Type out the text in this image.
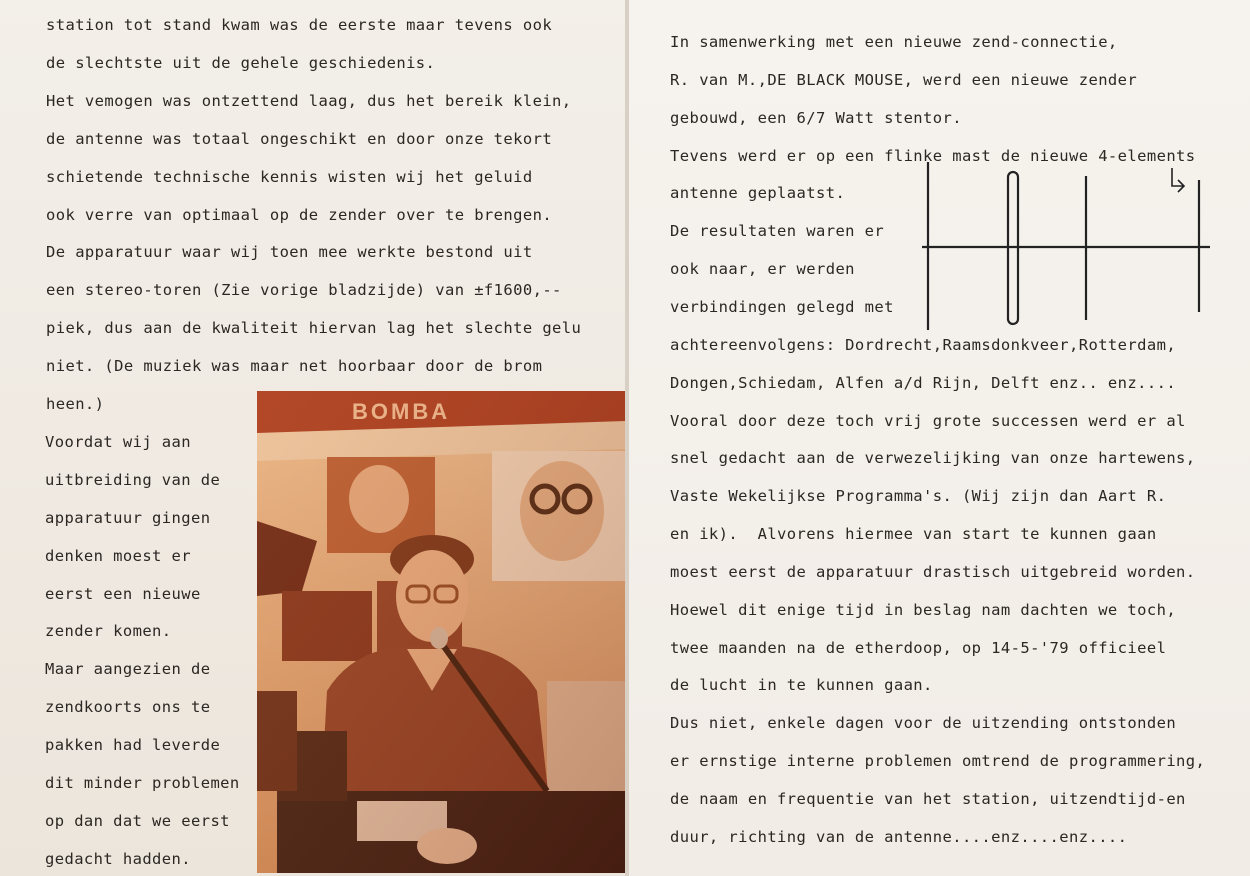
station tot stand kwam was de eerste maar tevens ook
de slechtste uit de gehele geschiedenis.
Het vemogen was ontzettend laag, dus het bereik klein,
de antenne was totaal ongeschikt en door onze tekort
schietende technische kennis wisten wij het geluid
ook verre van optimaal op de zender over te brengen.
De apparatuur waar wij toen mee werkte bestond uit
een stereo-toren (Zie vorige bladzijde) van ±f1600,--
piek, dus aan de kwaliteit hiervan lag het slechte gelu
niet. (De muziek was maar net hoorbaar door de brom
heen.)
Voordat wij aan
uitbreiding van de
apparatuur gingen
denken moest er
eerst een nieuwe
zender komen.
Maar aangezien de
zendkoorts ons te
pakken had leverde
dit minder problemen
op dan dat we eerst
gedacht hadden.
In samenwerking met een nieuwe zend-connectie,
R. van M.,DE BLACK MOUSE, werd een nieuwe zender
gebouwd, een 6/7 Watt stentor.
Tevens werd er op een flinke mast de nieuwe 4-elements
antenne geplaatst.
De resultaten waren er
ook naar, er werden
verbindingen gelegd met
achtereenvolgens: Dordrecht,Raamsdonkveer,Rotterdam,
Dongen,Schiedam, Alfen a/d Rijn, Delft enz.. enz....
Vooral door deze toch vrij grote successen werd er al
snel gedacht aan de verwezelijking van onze hartewens,
Vaste Wekelijkse Programma's. (Wij zijn dan Aart R.
en ik).  Alvorens hiermee van start te kunnen gaan
moest eerst de apparatuur drastisch uitgebreid worden.
Hoewel dit enige tijd in beslag nam dachten we toch,
twee maanden na de etherdoop, op 14-5-'79 officieel
de lucht in te kunnen gaan.
Dus niet, enkele dagen voor de uitzending ontstonden
er ernstige interne problemen omtrend de programmering,
de naam en frequentie van het station, uitzendtijd-en
duur, richting van de antenne....enz....enz....
